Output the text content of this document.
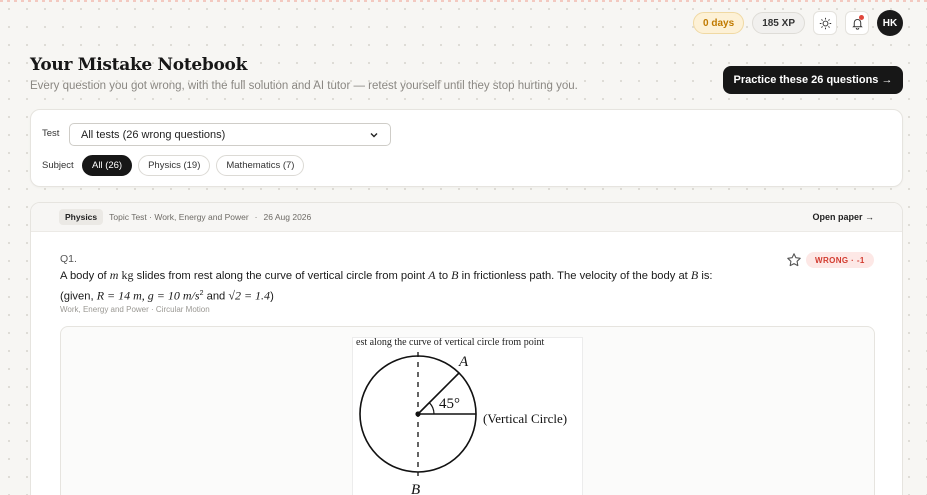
0 days	185 XP	HK
Your Mistake Notebook
Every question you got wrong, with the full solution and AI tutor — retest yourself until they stop hurting you.	Practice these 26 questions →
Test All tests (26 wrong questions)
Subject	All (26)	Physics (19)	Mathematics (7)
Physics	Topic Test · Work, Energy and Power · 26 Aug 2026	Open paper →
Q1.	WRONG · -1
A body of m kg slides from rest along the curve of vertical circle from point A to B in frictionless path. The velocity of the body at B is:
(given, R = 14 m, g = 10 $m/s^2$ and √2 = 1.4)
Work, Energy and Power · Circular Motion
est along the curve of vertical circle from point
A
45°
(Vertical Circle)
B
